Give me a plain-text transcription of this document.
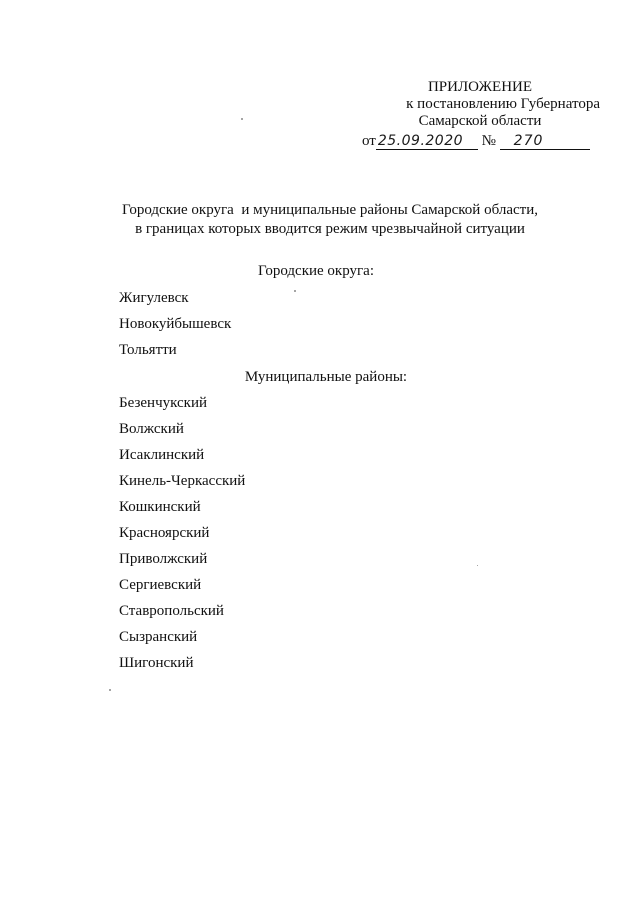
ПРИЛОЖЕНИЕ
к постановлению Губернатора
Самарской области
от 25.09.2020 № 270
Городские округа  и муниципальные районы Самарской области,
в границах которых вводится режим чрезвычайной ситуации
Городские округа:
Жигулевск
Новокуйбышевск
Тольятти
Муниципальные районы:
Безенчукский
Волжский
Исаклинский
Кинель-Черкасский
Кошкинский
Красноярский
Приволжский
Сергиевский
Ставропольский
Сызранский
Шигонский
